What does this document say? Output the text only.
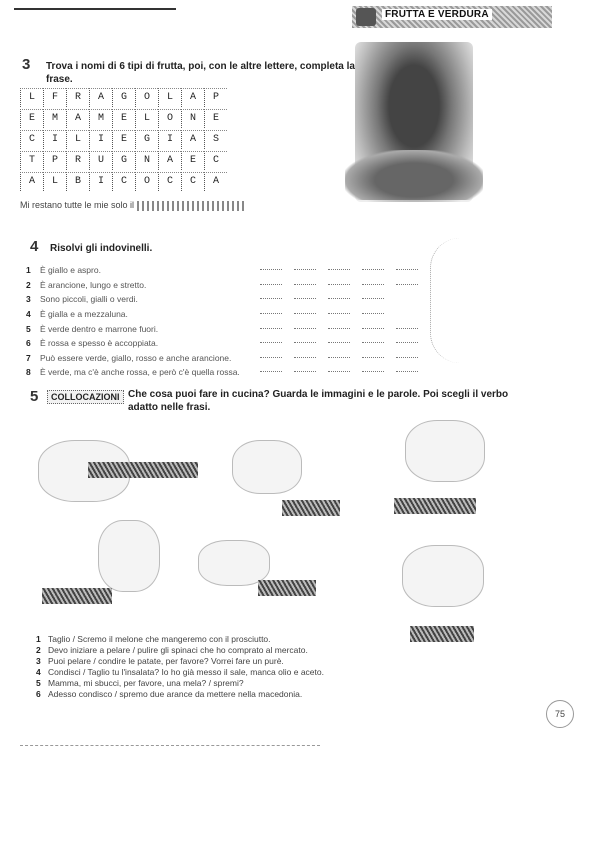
FRUTTA E VERDURA
3 Trova i nomi di 6 tipi di frutta, poi, con le altre lettere, completa la frase.
L	F	R	A	G	O	L	A	P
E	M	A	M	E	L	O	N	E
C	I	L	I	E	G	I	A	S
T	P	R	U	G	N	A	E	C
A	L	B	I	C	O	C	C	A
Mi restano tutte le mie solo il
4 Risolvi gli indovinelli.
1	È giallo e aspro.
2	È arancione, lungo e stretto.
3	Sono piccoli, gialli o verdi.
4	È gialla e a mezzaluna.
5	È verde dentro e marrone fuori.
6	È rossa e spesso è accoppiata.
7	Può essere verde, giallo, rosso e anche arancione.
8	È verde, ma c'è anche rossa, e però c'è quella rossa.
5	COLLOCAZIONI Che cosa puoi fare in cucina? Guarda le immagini e le parole. Poi scegli il verbo adatto nelle frasi.
1 Taglio / Scremo il melone che mangeremo con il prosciutto.
2 Devo iniziare a pelare / pulire gli spinaci che ho comprato al mercato.
3 Puoi pelare / condire le patate, per favore? Vorrei fare un purè.
4 Condisci / Taglio tu l'insalata? Io ho già messo il sale, manca olio e aceto.
5 Mamma, mi sbucci, per favore, una mela? / spremi?
6 Adesso condisco / spremo due arance da mettere nella macedonia.
75
